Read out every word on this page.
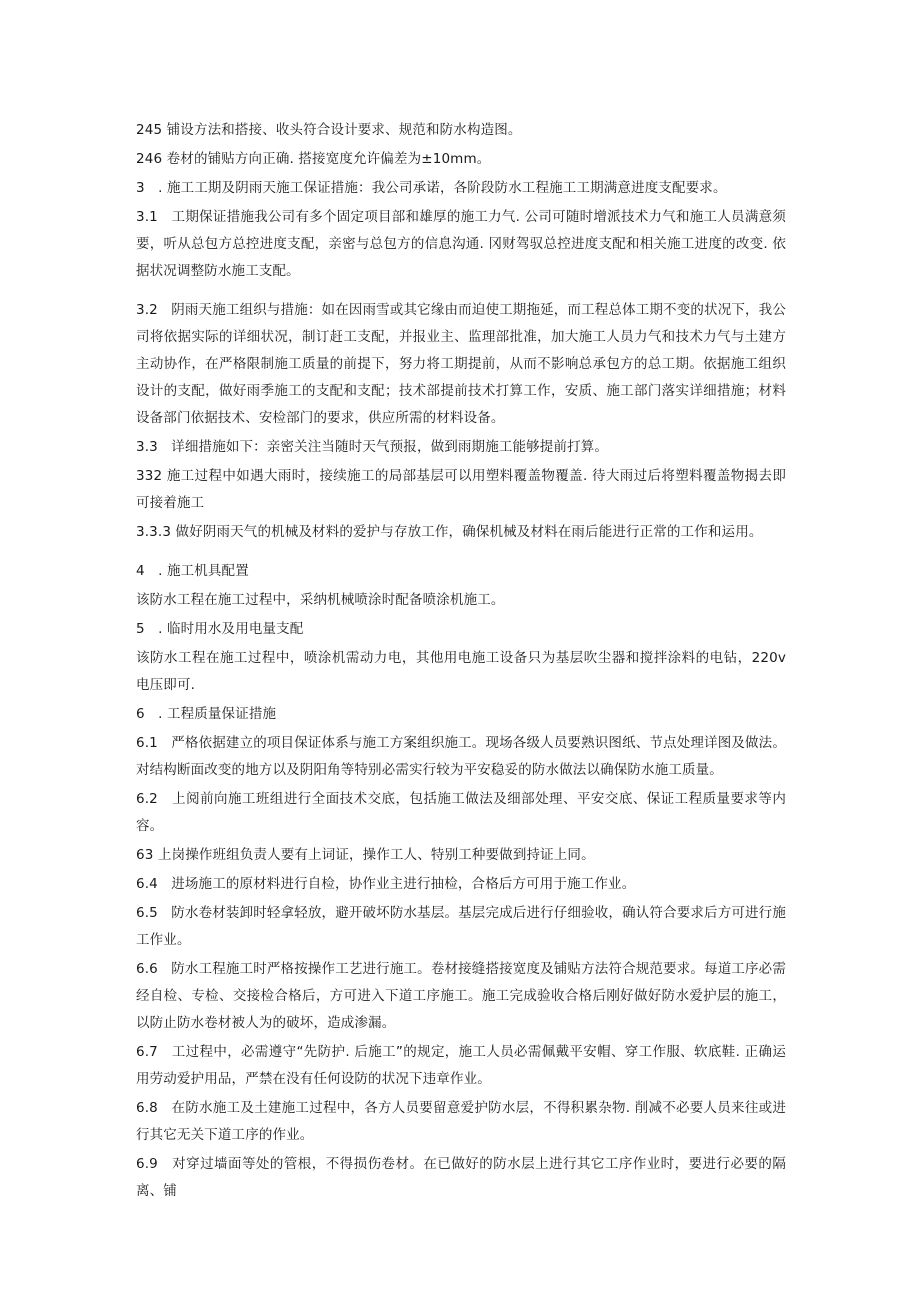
245 铺设方法和搭接、收头符合设计要求、规范和防水构造图。

246 卷材的铺贴方向正确. 搭接宽度允许偏差为±10mm。

3   . 施工工期及阴雨天施工保证措施：我公司承诺，各阶段防水工程施工工期满意进度支配要求。

3.1   工期保证措施我公司有多个固定项目部和雄厚的施工力气. 公司可随时增派技术力气和施工人员满意须要，听从总包方总控进度支配，亲密与总包方的信息沟通. 冈财驾驭总控进度支配和相关施工进度的改变. 依据状况调整防水施工支配。

3.2   阴雨天施工组织与措施：如在因雨雪或其它缘由而迫使工期拖延，而工程总体工期不变的状况下，我公司将依据实际的详细状况，制订赶工支配，并报业主、监理部批准，加大施工人员力气和技术力气与土建方主动协作，在严格限制施工质量的前提下，努力将工期提前，从而不影响总承包方的总工期。依据施工组织设计的支配，做好雨季施工的支配和支配；技术部提前技术打算工作，安质、施工部门落实详细措施；材料设备部门依据技术、安检部门的要求，供应所需的材料设备。

3.3   详细措施如下：亲密关注当随时天气预报，做到雨期施工能够提前打算。

332 施工过程中如遇大雨时，接续施工的局部基层可以用塑料覆盖物覆盖. 待大雨过后将塑料覆盖物揭去即可接着施工

3.3.3 做好阴雨天气的机械及材料的爱护与存放工作，确保机械及材料在雨后能进行正常的工作和运用。

4   . 施工机具配置

该防水工程在施工过程中，采纳机械喷涂时配备喷涂机施工。

5   . 临时用水及用电量支配

该防水工程在施工过程中，喷涂机需动力电，其他用电施工设备只为基层吹尘器和搅拌涂料的电钻，220v 电压即可.

6   . 工程质量保证措施

6.1   严格依据建立的项目保证体系与施工方案组织施工。现场各级人员要熟识图纸、节点处理详图及做法。对结构断面改变的地方以及阴阳角等特别必需实行较为平安稳妥的防水做法以确保防水施工质量。

6.2   上阅前向施工班组进行全面技术交底，包括施工做法及细部处理、平安交底、保证工程质量要求等内容。

63 上岗操作班组负责人要有上词证，操作工人、特别工种要做到持证上同。

6.4   进场施工的原材料进行自检，协作业主进行抽检，合格后方可用于施工作业。

6.5   防水卷材装卸时轻拿轻放，避开破坏防水基层。基层完成后进行仔细验收，确认符合要求后方可进行施工作业。

6.6   防水工程施工时严格按操作工艺进行施工。卷材接缝搭接宽度及铺贴方法符合规范要求。每道工序必需经自检、专检、交接检合格后，方可进入下道工序施工。施工完成验收合格后刚好做好防水爱护层的施工，以防止防水卷材被人为的破坏，造成渗漏。

6.7   工过程中，必需遵守“先防护. 后施工”的规定，施工人员必需佩戴平安帽、穿工作服、软底鞋. 正确运用劳动爱护用品，严禁在没有任何设防的状况下违章作业。

6.8   在防水施工及土建施工过程中，各方人员要留意爱护防水层，不得积累杂物. 削减不必要人员来往或进行其它无关下道工序的作业。

6.9   对穿过墙面等处的管根，不得损伤卷材。在已做好的防水层上进行其它工序作业时，要进行必要的隔离、铺
